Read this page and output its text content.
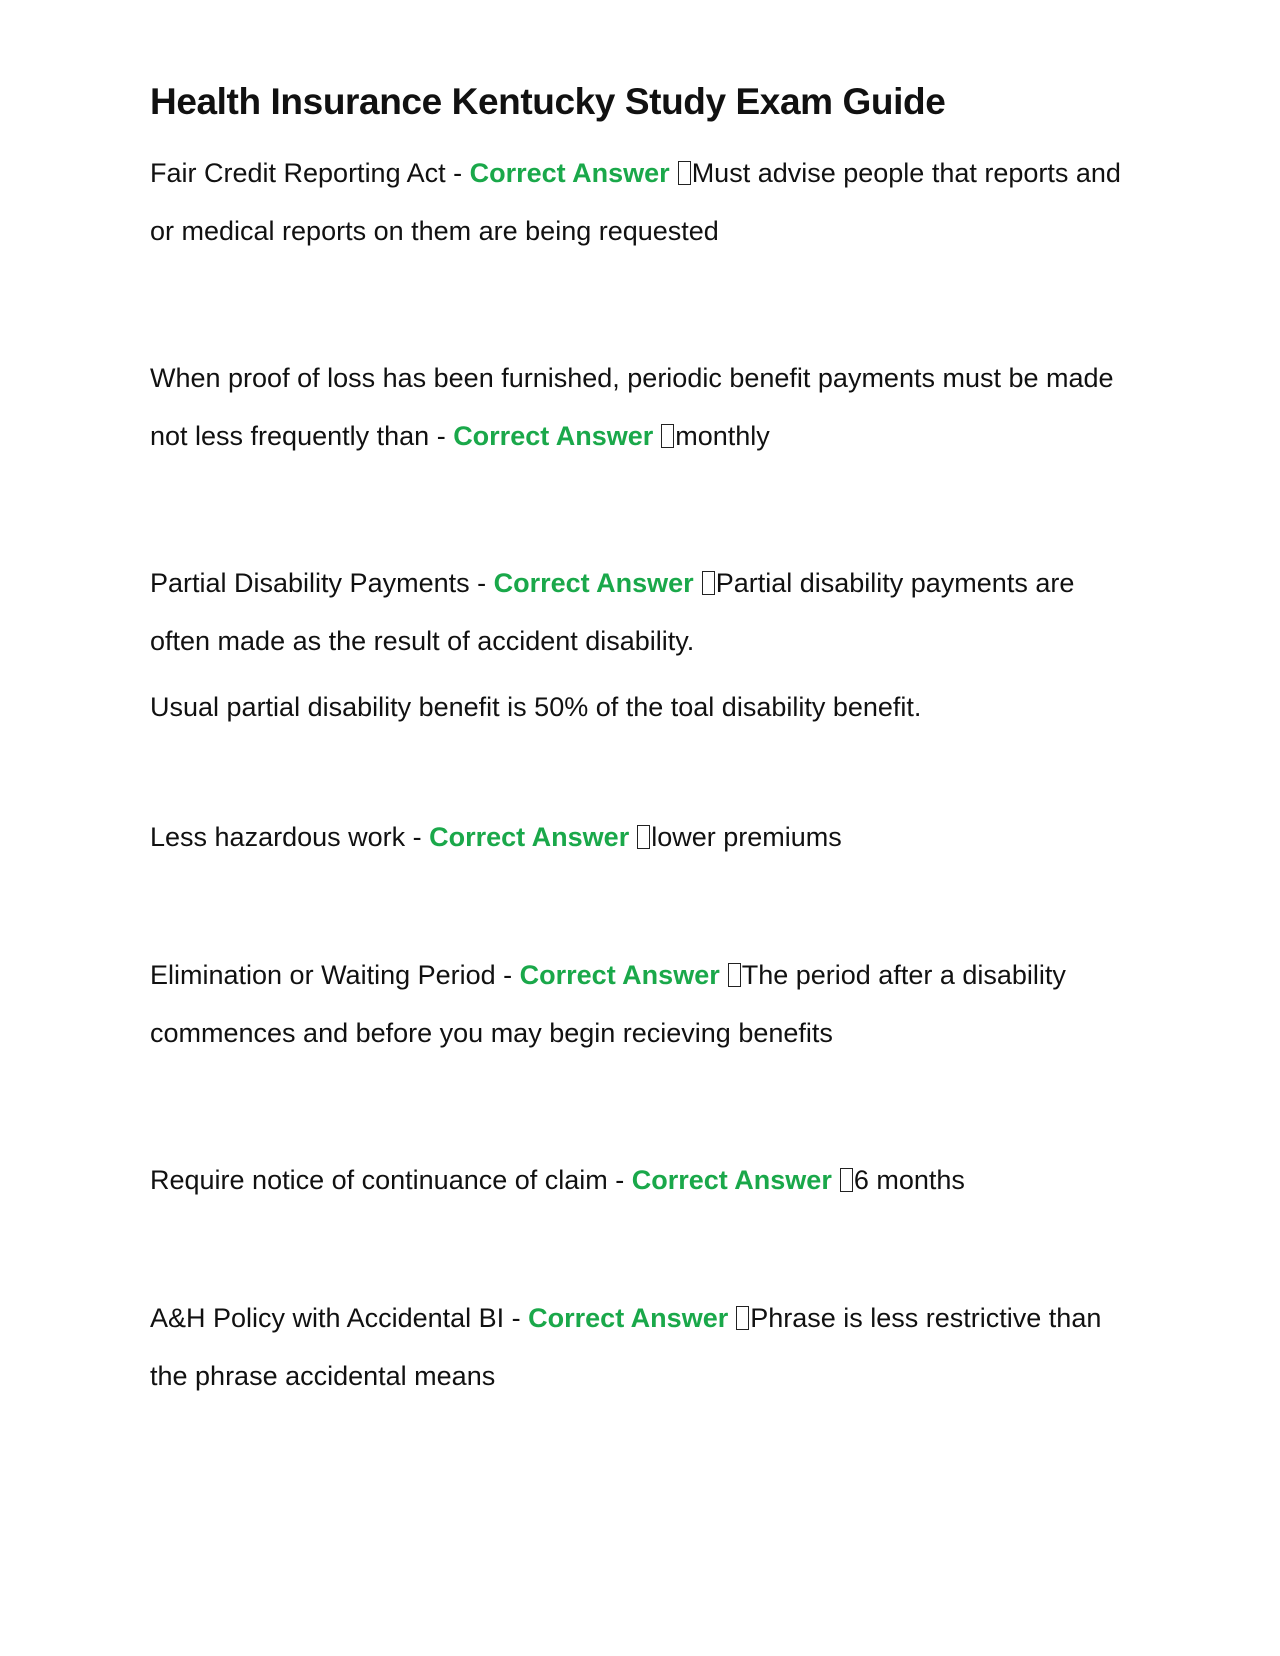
Health Insurance Kentucky Study Exam Guide

Fair Credit Reporting Act - Correct Answer Must advise people that reports and or medical reports on them are being requested

When proof of loss has been furnished, periodic benefit payments must be made not less frequently than - Correct Answer monthly

Partial Disability Payments - Correct Answer Partial disability payments are often made as the result of accident disability.

Usual partial disability benefit is 50% of the toal disability benefit.

Less hazardous work - Correct Answer lower premiums

Elimination or Waiting Period - Correct Answer The period after a disability commences and before you may begin recieving benefits

Require notice of continuance of claim - Correct Answer 6 months

A&H Policy with Accidental BI - Correct Answer Phrase is less restrictive than the phrase accidental means
